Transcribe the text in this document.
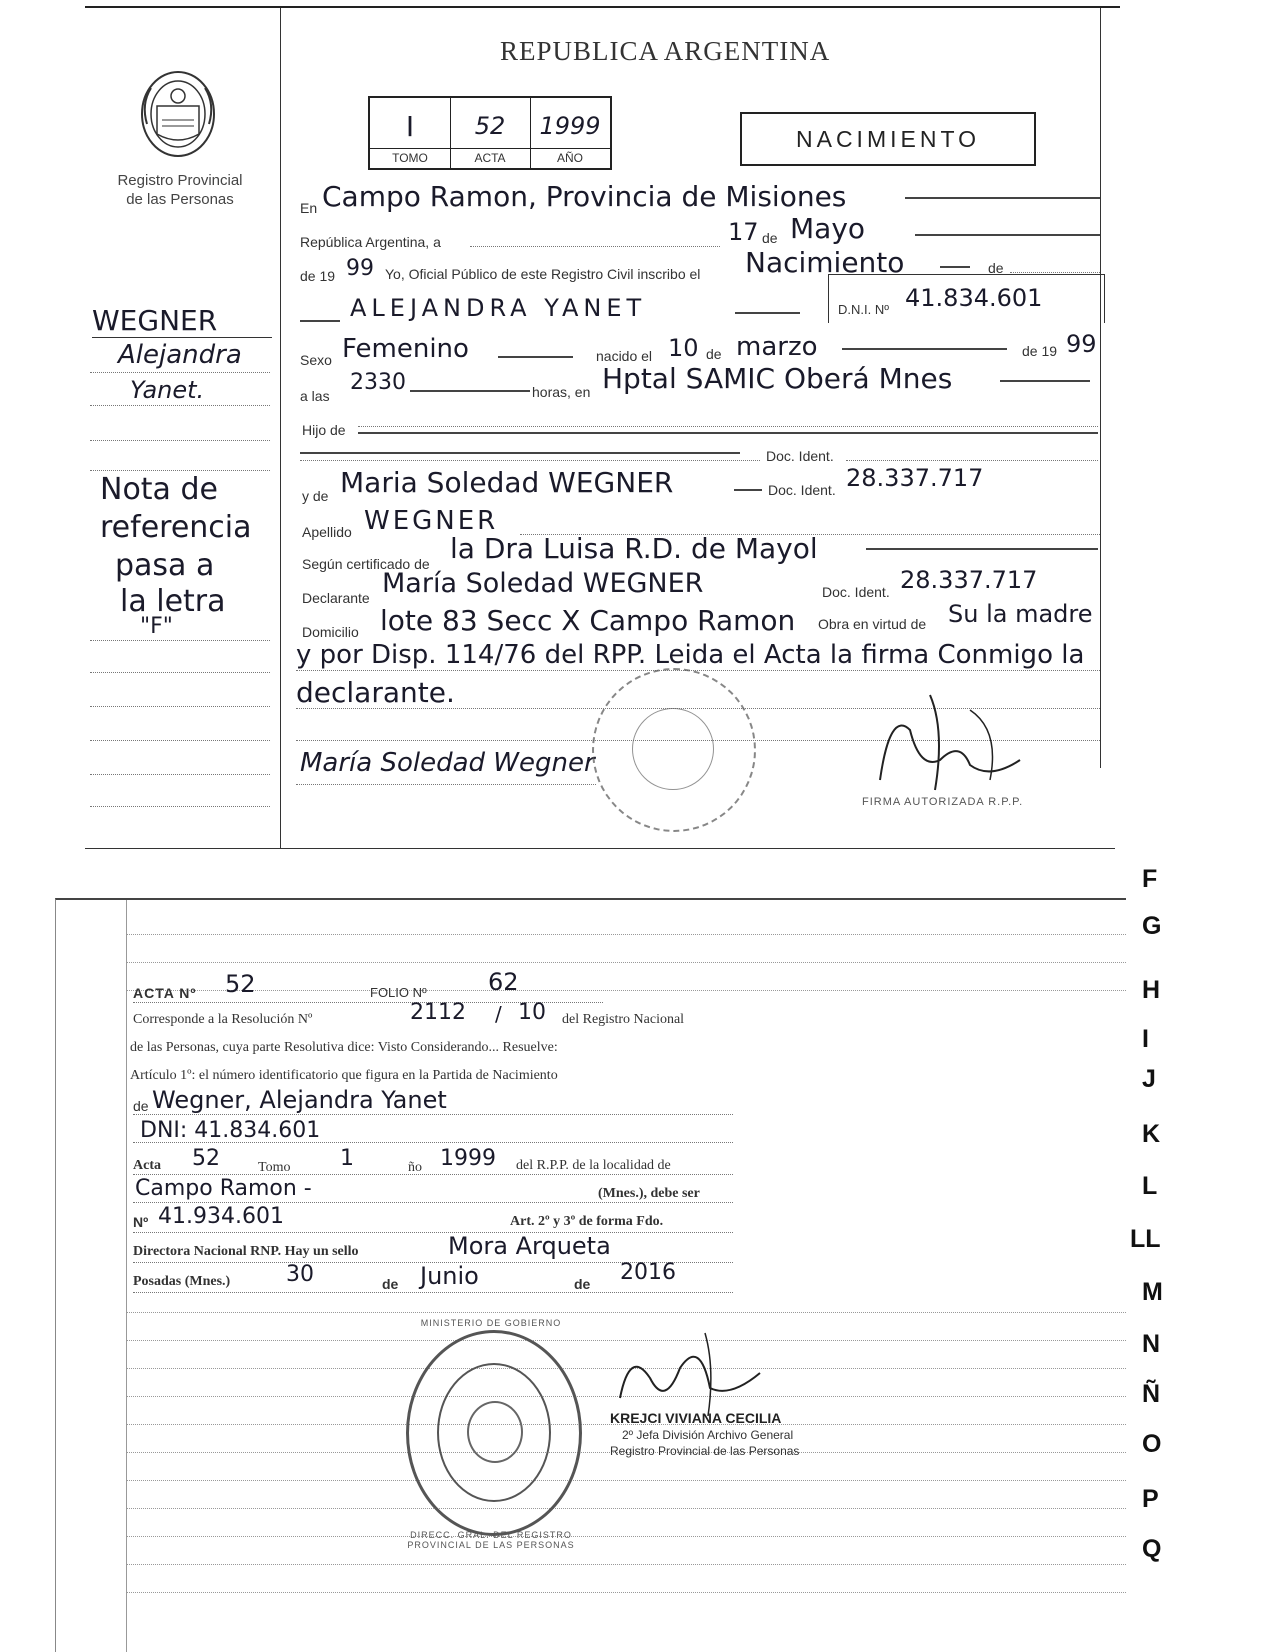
Registro Provincial
de las Personas
REPUBLICA ARGENTINA
I	52	1999
TOMO	ACTA	AÑO
NACIMIENTO
WEGNER
Alejandra
Yanet.
Nota de
referencia
pasa a
la letra
"F"
En Campo Ramon, Provincia de Misiones
República Argentina, a	17 de Mayo
de 19 99 Yo, Oficial Público de este Registro Civil inscribo el Nacimiento	de
ALEJANDRA YANET	D.N.I. Nº 41.834.601
Sexo Femenino	nacido el 10 de marzo	de 19 99
a las
2330	horas, en Hptal SAMIC Oberá Mnes
Hijo de
Doc. Ident.
y de Maria Soledad WEGNER	Doc. Ident. 28.337.717
Apellido WEGNER
Según certificado de la Dra Luisa R.D. de Mayol
Declarante María Soledad WEGNER	Doc. Ident. 28.337.717
Domicilio lote 83 Secc X Campo Ramon Obra en virtud de Su la madre
y por Disp. 114/76 del RPP. Leida el Acta la firma Conmigo la
declarante.
María Soledad Wegner
FIRMA AUTORIZADA R.P.P.
ACTA Nº 52	FOLIO Nº	62
Corresponde a la Resolución Nº	2112 / 10 del Registro Nacional
de las Personas, cuya parte Resolutiva dice: Visto Considerando... Resuelve:
Artículo 1º: el número identificatorio que figura en la Partida de Nacimiento
de Wegner, Alejandra Yanet
DNI: 41.834.601
Acta 52	Tomo 1	ño 1999 del R.P.P. de la localidad de
Campo Ramon -	(Mnes.), debe ser
Nº 41.934.601	Art. 2º y 3º de forma Fdo.
Directora Nacional RNP. Hay un sello	Mora Arqueta
Posadas (Mnes.)	30	de Junio	de 2016
DIRECC. GRAL. DEL REGISTRO PROVINCIAL DE LAS PERSONAS
MINISTERIO DE GOBIERNO
KREJCI VIVIANA CECILIA
2º Jefa División Archivo General
Registro Provincial de las Personas
F
G
H
I
J
K
L
LL
M
N
Ñ
O
P
Q
